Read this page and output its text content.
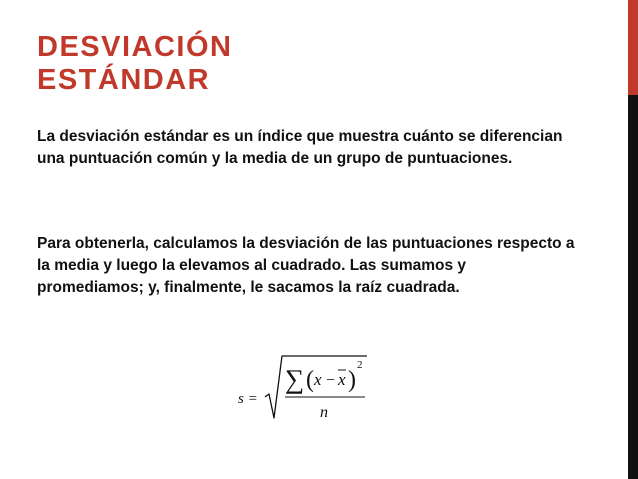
DESVIACIÓN
ESTÁNDAR

La desviación estándar es un índice que muestra cuánto se diferencian una puntuación común y la media de un grupo de puntuaciones.

Para obtenerla, calculamos la desviación de las puntuaciones respecto a la media y luego la elevamos al cuadrado. Las sumamos y promediamos; y, finalmente, le sacamos la raíz cuadrada.

s =
∑ ( x − x )
2
n
